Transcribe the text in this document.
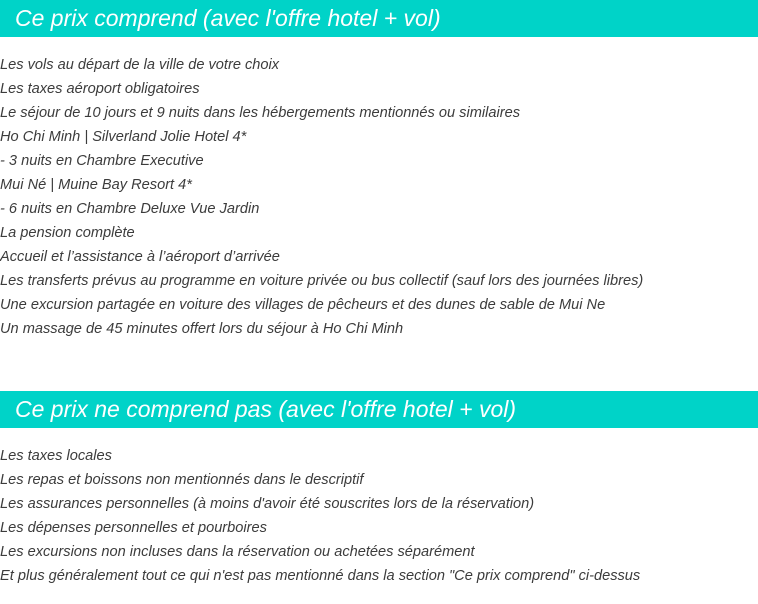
Ce prix comprend (avec l'offre hotel + vol)
Les vols au départ de la ville de votre choix
Les taxes aéroport obligatoires
Le séjour de 10 jours et 9 nuits dans les hébergements mentionnés ou similaires
Ho Chi Minh | Silverland Jolie Hotel 4*
- 3 nuits en Chambre Executive
Mui Né | Muine Bay Resort 4*
- 6 nuits en Chambre Deluxe Vue Jardin
La pension complète
Accueil et l’assistance à l’aéroport d’arrivée
Les transferts prévus au programme en voiture privée ou bus collectif (sauf lors des journées libres)
Une excursion partagée en voiture des villages de pêcheurs et des dunes de sable de Mui Ne
Un massage de 45 minutes offert lors du séjour à Ho Chi Minh
Ce prix ne comprend pas (avec l'offre hotel + vol)
Les taxes locales
Les repas et boissons non mentionnés dans le descriptif
Les assurances personnelles (à moins d'avoir été souscrites lors de la réservation)
Les dépenses personnelles et pourboires
Les excursions non incluses dans la réservation ou achetées séparément
Et plus généralement tout ce qui n'est pas mentionné dans la section "Ce prix comprend" ci-dessus
